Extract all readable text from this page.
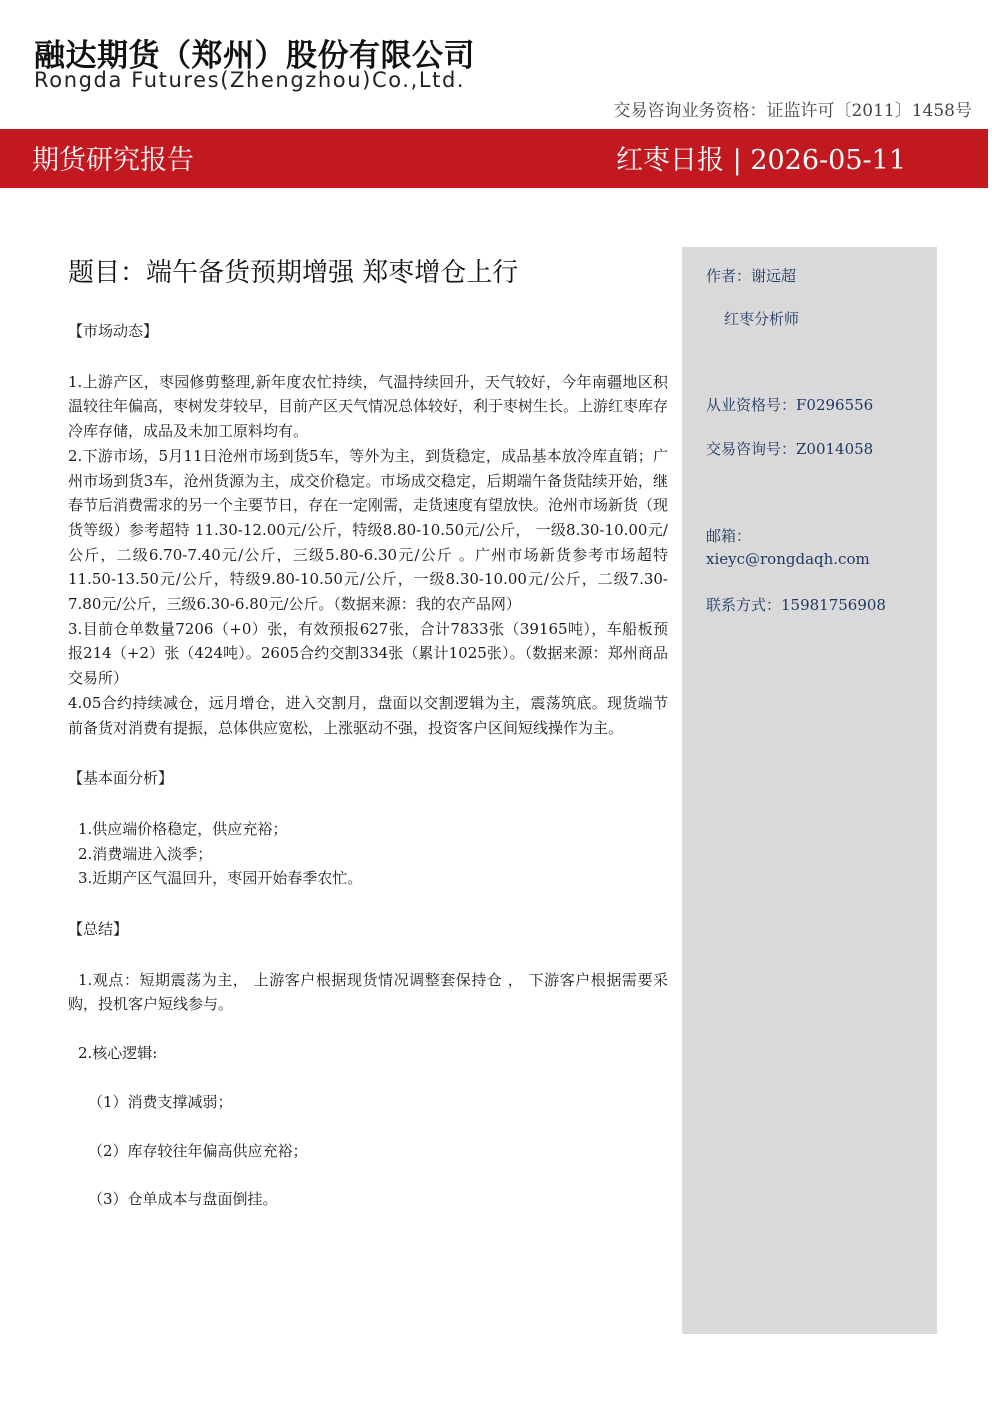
融达期货（郑州）股份有限公司
Rongda Futures(Zhengzhou)Co.,Ltd.
交易咨询业务资格：证监许可〔2011〕1458号
期货研究报告	红枣日报 | 2026-05-11
题目：端午备货预期增强 郑枣增仓上行

【市场动态】

1.上游产区，枣园修剪整理,新年度农忙持续，气温持续回升，天气较好，今年南疆地区积温较往年偏高，枣树发芽较早，目前产区天气情况总体较好，利于枣树生长。上游红枣库存冷库存储，成品及未加工原料均有。

2.下游市场，5月11日沧州市场到货5车，等外为主，到货稳定，成品基本放冷库直销；广州市场到货3车，沧州货源为主，成交价稳定。市场成交稳定，后期端午备货陆续开始，继春节后消费需求的另一个主要节日，存在一定刚需，走货速度有望放快。沧州市场新货（现货等级）参考超特 11.30-12.00元/公斤，特级8.80-10.50元/公斤， 一级8.30-10.00元/公斤，二级6.70-7.40元/公斤，三级5.80-6.30元/公斤 。广州市场新货参考市场超特11.50-13.50元/公斤，特级9.80-10.50元/公斤，一级8.30-10.00元/公斤，二级7.30-7.80元/公斤，三级6.30-6.80元/公斤。（数据来源：我的农产品网）

3.目前仓单数量7206（+0）张，有效预报627张，合计7833张（39165吨），车船板预报214（+2）张（424吨）。2605合约交割334张（累计1025张）。（数据来源：郑州商品交易所）

4.05合约持续减仓，远月增仓，进入交割月，盘面以交割逻辑为主，震荡筑底。现货端节前备货对消费有提振，总体供应宽松，上涨驱动不强，投资客户区间短线操作为主。

【基本面分析】

1.供应端价格稳定，供应充裕；

2.消费端进入淡季；

3.近期产区气温回升，枣园开始春季农忙。

【总结】

1.观点：短期震荡为主， 上游客户根据现货情况调整套保持仓 ， 下游客户根据需要采购，投机客户短线参与。

2.核心逻辑:

（1）消费支撑减弱；

（2）库存较往年偏高供应充裕；

（3）仓单成本与盘面倒挂。

作者：谢远超
红枣分析师
从业资格号：F0296556
交易咨询号：Z0014058
邮箱：
xieyc@rongdaqh.com
联系方式：15981756908
